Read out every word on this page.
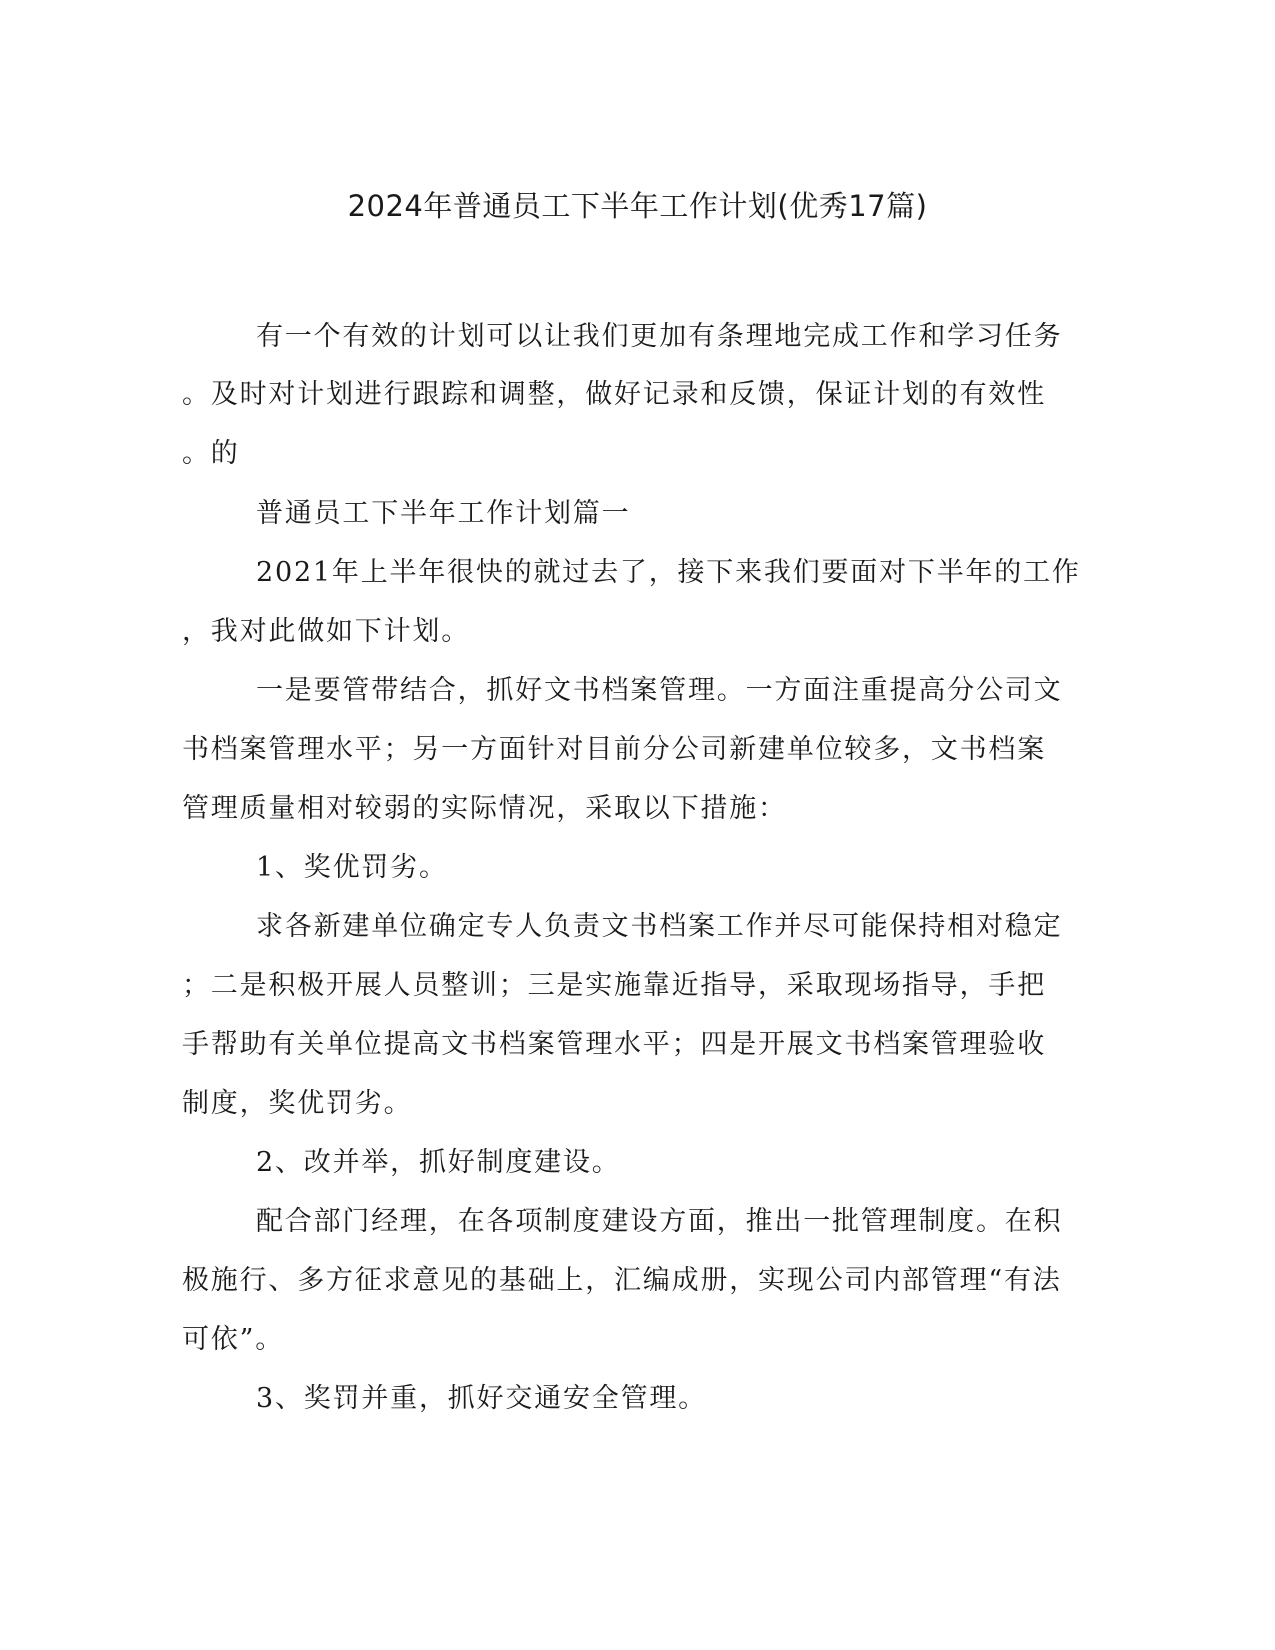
2024年普通员工下半年工作计划(优秀17篇)
有一个有效的计划可以让我们更加有条理地完成工作和学习任务
。及时对计划进行跟踪和调整，做好记录和反馈，保证计划的有效性
。的
普通员工下半年工作计划篇一
2021年上半年很快的就过去了，接下来我们要面对下半年的工作
，我对此做如下计划。
一是要管带结合，抓好文书档案管理。一方面注重提高分公司文
书档案管理水平；另一方面针对目前分公司新建单位较多，文书档案
管理质量相对较弱的实际情况，采取以下措施：
1、奖优罚劣。
求各新建单位确定专人负责文书档案工作并尽可能保持相对稳定
；二是积极开展人员整训；三是实施靠近指导，采取现场指导，手把
手帮助有关单位提高文书档案管理水平；四是开展文书档案管理验收
制度，奖优罚劣。
2、改并举，抓好制度建设。
配合部门经理，在各项制度建设方面，推出一批管理制度。在积
极施行、多方征求意见的基础上，汇编成册，实现公司内部管理“有法
可依”。
3、奖罚并重，抓好交通安全管理。
